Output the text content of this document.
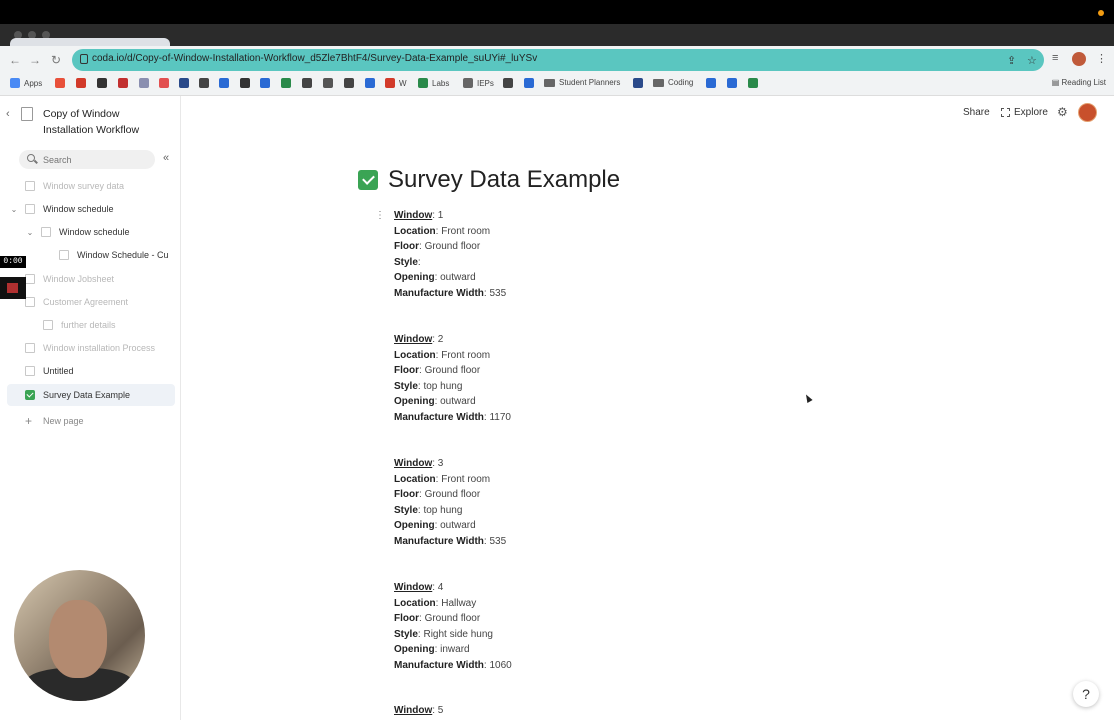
← → ↻	coda.io/d/Copy-of-Window-Installation-Workflow_d5Zle7BhtF4/Survey-Data-Example_suUYi#_luYSv	⇪ ☆ ≡	⋮
Apps	W	Labs	IEPs	Student Planners	Coding	▤ Reading List
‹	Copy of Window Installation Workflow
Search
«
Window survey data
⌄	Window schedule
⌄	Window schedule
Window Schedule - Cu
Window Jobsheet
Customer Agreement
further details
Window installation Process
Untitled
Survey Data Example
+	New page
0:00
Share Explore ⚙
Survey Data Example
⋮ Window: 1
Location: Front room
Floor: Ground floor
Style:
Opening: outward
Manufacture Width: 535
Window: 2
Location: Front room
Floor: Ground floor
Style: top hung
Opening: outward
Manufacture Width: 1170
Window: 3
Location: Front room
Floor: Ground floor
Style: top hung
Opening: outward
Manufacture Width: 535
Window: 4
Location: Hallway
Floor: Ground floor
Style: Right side hung
Opening: inward
Manufacture Width: 1060
Window: 5
?
